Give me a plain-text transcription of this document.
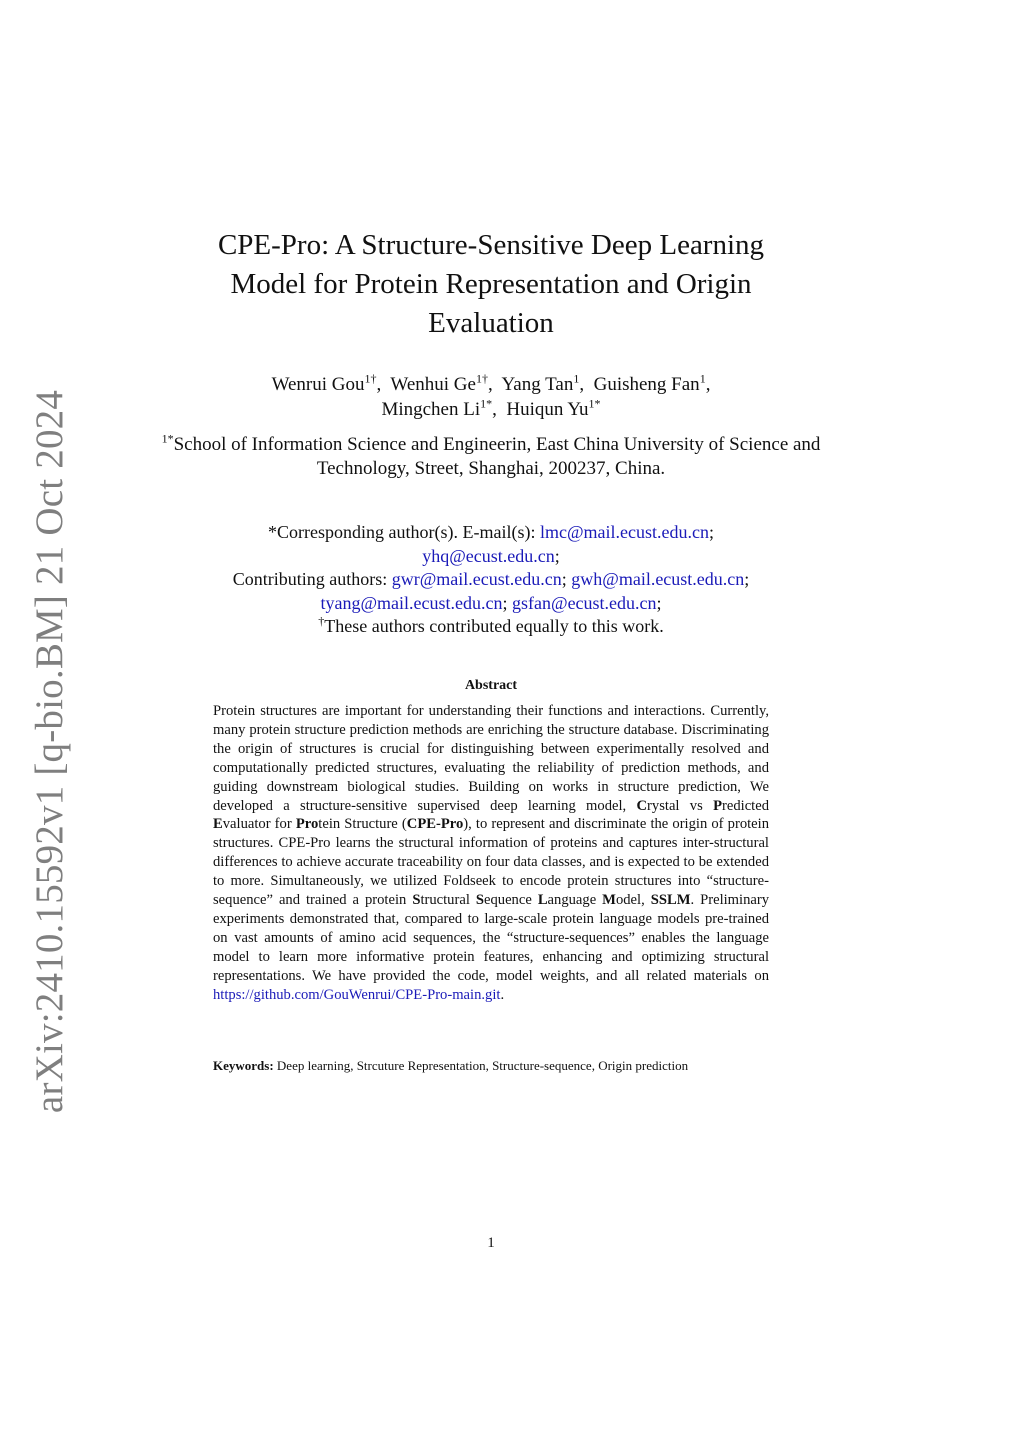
arXiv:2410.15592v1 [q-bio.BM] 21 Oct 2024
CPE-Pro: A Structure-Sensitive Deep Learning Model for Protein Representation and Origin Evaluation
Wenrui Gou$^{1\dagger}$,  Wenhui $Ge^{1\dagger}$,  Yang Tan$^1$,  Guisheng Fan$^1$,
Mingchen $Li^{1*}$,  Huiqun $Yu^{1*}$
$^{1*}$School of Information Science and Engineerin, East China University of Science and Technology, Street, Shanghai, 200237, China.
*Corresponding author(s). E-mail(s): lmc@mail.ecust.edu.cn;
yhq@ecust.edu.cn;
Contributing authors: gwr@mail.ecust.edu.cn; gwh@mail.ecust.edu.cn;
tyang@mail.ecust.edu.cn; gsfan@ecust.edu.cn;
†These authors contributed equally to this work.
Abstract
Protein structures are important for understanding their functions and interactions. Currently, many protein structure prediction methods are enriching the structure database. Discriminating the origin of structures is crucial for distinguishing between experimentally resolved and computationally predicted structures, evaluating the reliability of prediction methods, and guiding downstream biological studies. Building on works in structure prediction, We developed a structure-sensitive supervised deep learning model, Crystal vs Predicted Evaluator for Protein Structure (CPE-Pro), to represent and discriminate the origin of protein structures. CPE-Pro learns the structural information of proteins and captures inter-structural differences to achieve accurate traceability on four data classes, and is expected to be extended to more. Simultaneously, we utilized Foldseek to encode protein structures into “structure-sequence” and trained a protein Structural Sequence Language Model, SSLM. Preliminary experiments demonstrated that, compared to large-scale protein language models pre-trained on vast amounts of amino acid sequences, the “structure-sequences” enables the language model to learn more informative protein features, enhancing and optimizing structural representations. We have provided the code, model weights, and all related materials on https://github.com/GouWenrui/CPE-Pro-main.git.
Keywords: Deep learning, Strcuture Representation, Structure-sequence, Origin prediction
1
